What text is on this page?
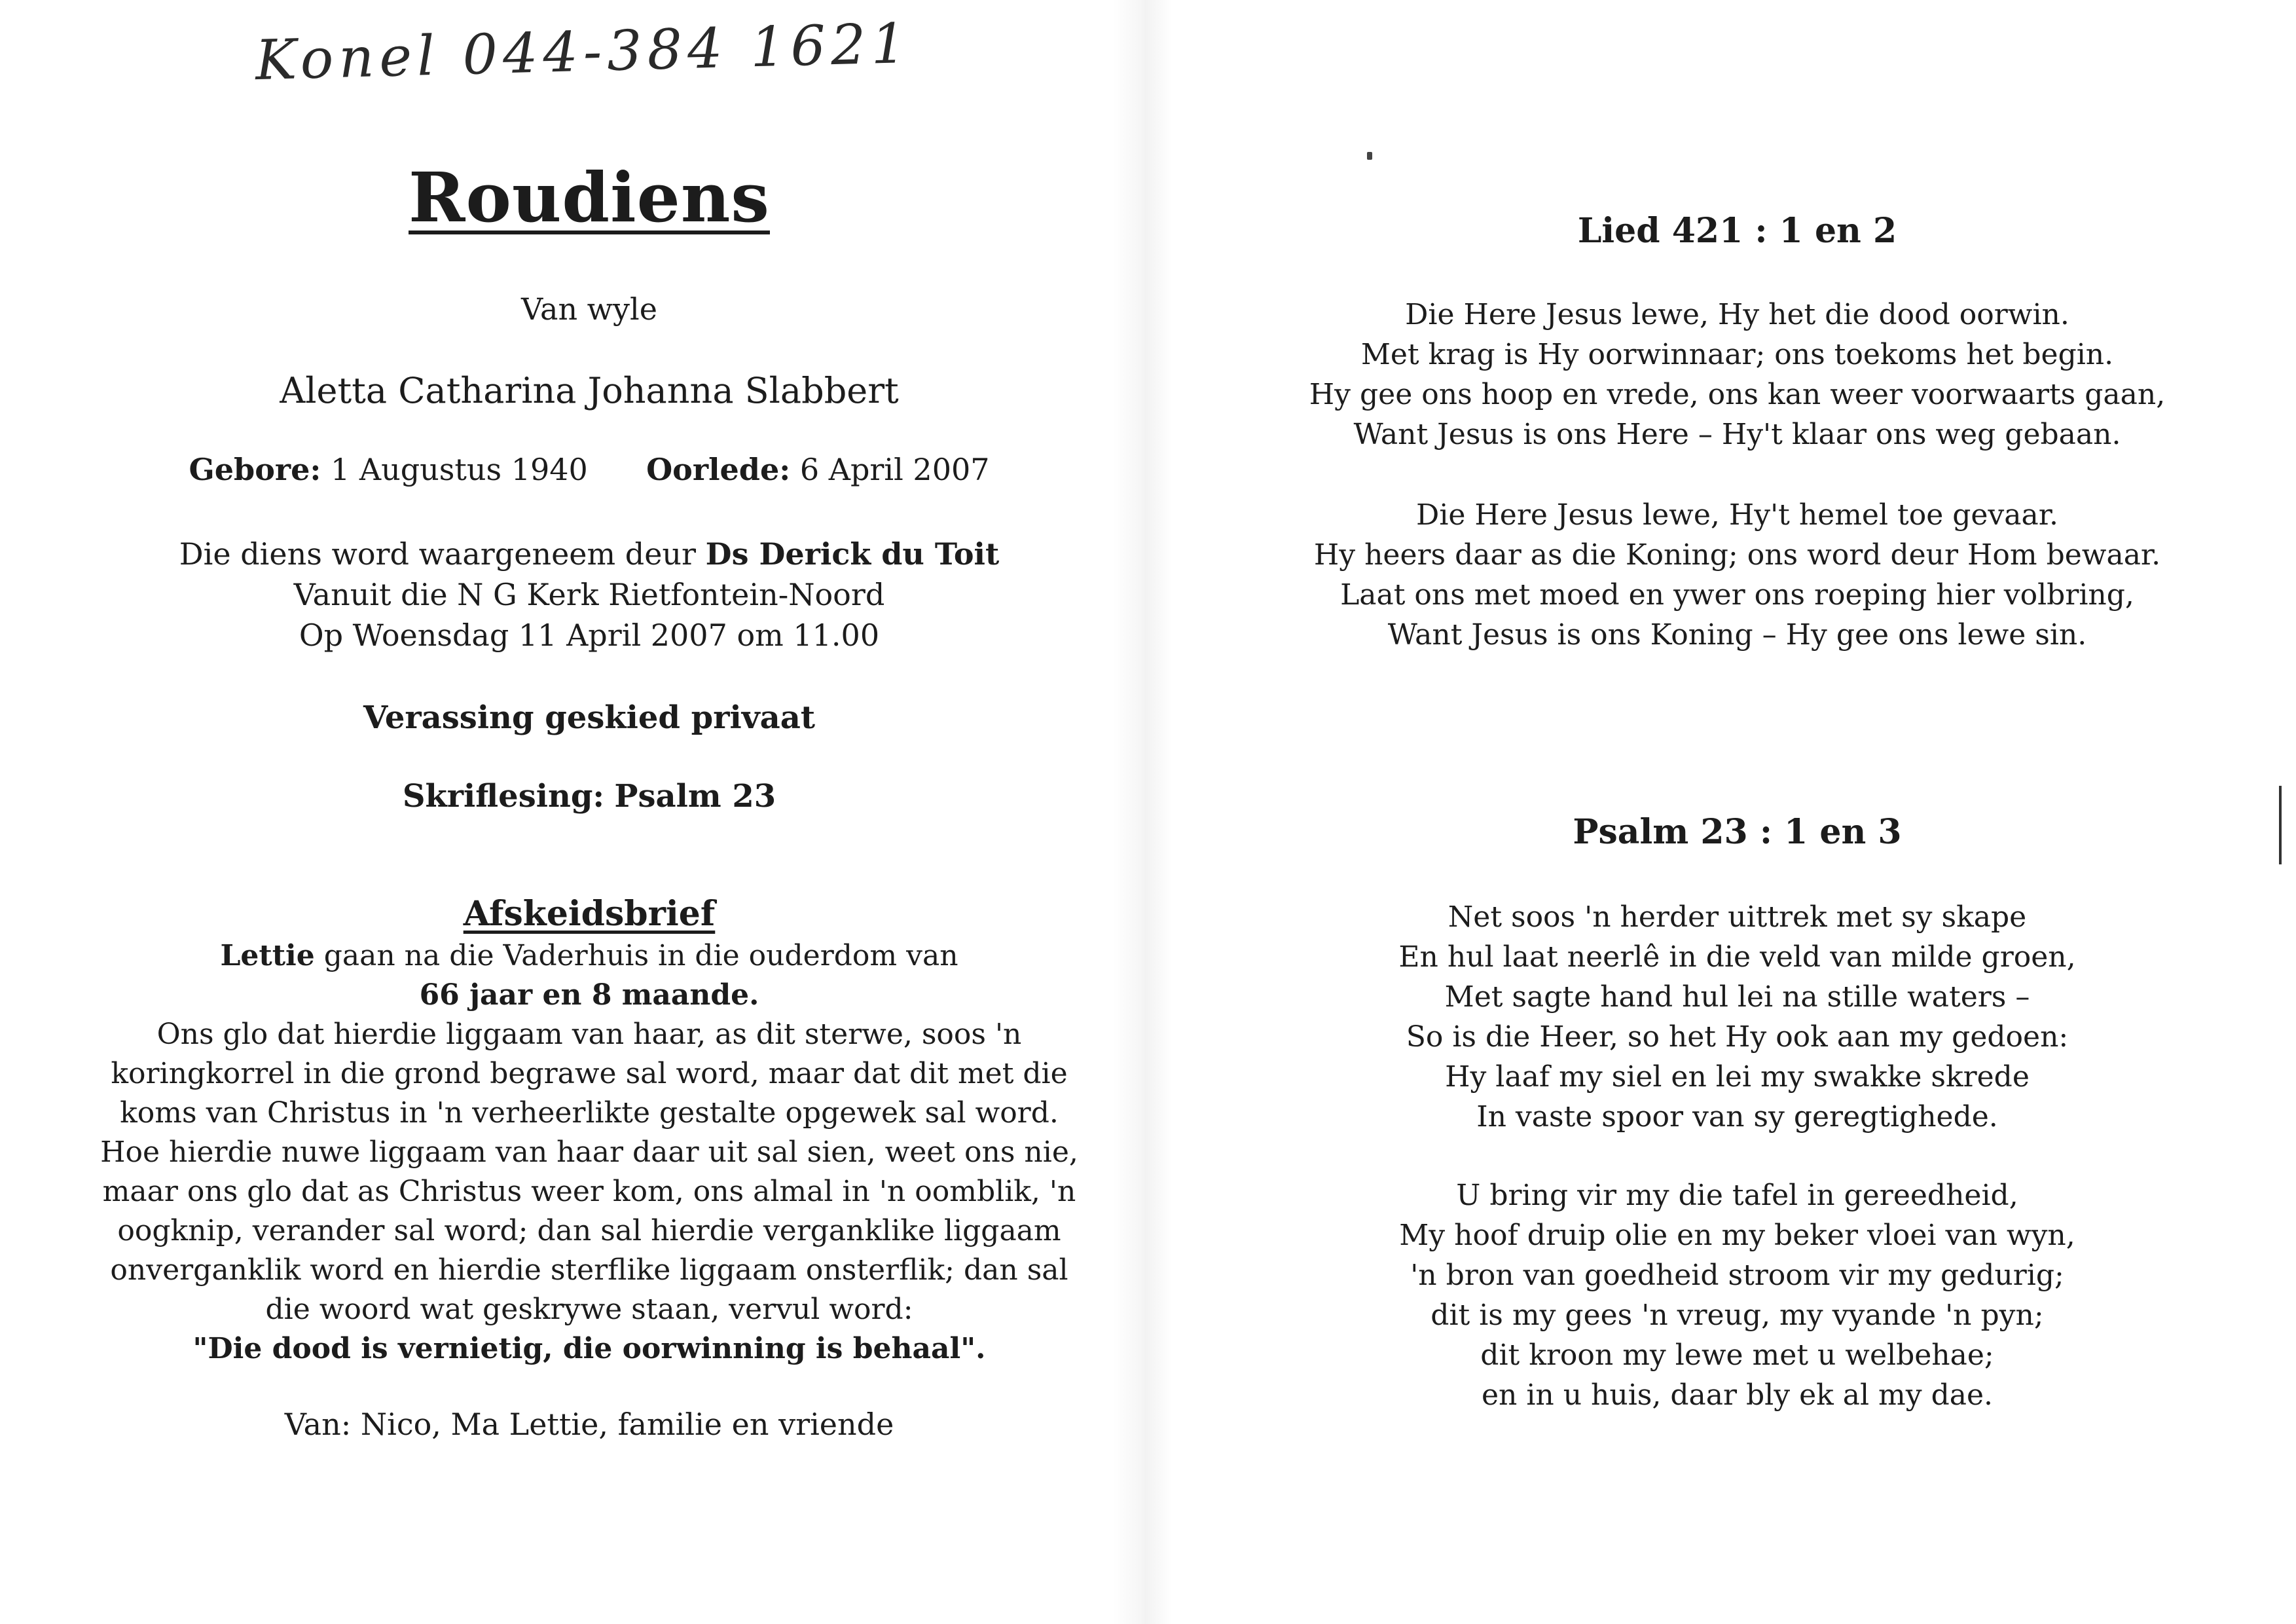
Konel 044-384 1621
Roudiens
Van wyle
Aletta Catharina Johanna Slabbert
Gebore: 1 Augustus 1940 Oorlede: 6 April 2007
Die diens word waargeneem deur Ds Derick du Toit
Vanuit die N G Kerk Rietfontein-Noord
Op Woensdag 11 April 2007 om 11.00
Verassing geskied privaat
Skriflesing: Psalm 23
Afskeidsbrief
Lettie gaan na die Vaderhuis in die ouderdom van
66 jaar en 8 maande.
Ons glo dat hierdie liggaam van haar, as dit sterwe, soos 'n
koringkorrel in die grond begrawe sal word, maar dat dit met die
koms van Christus in 'n verheerlikte gestalte opgewek sal word.
Hoe hierdie nuwe liggaam van haar daar uit sal sien, weet ons nie,
maar ons glo dat as Christus weer kom, ons almal in 'n oomblik, 'n
oogknip, verander sal word; dan sal hierdie verganklike liggaam
onverganklik word en hierdie sterflike liggaam onsterflik; dan sal
die woord wat geskrywe staan, vervul word:
"Die dood is vernietig, die oorwinning is behaal".
Van: Nico, Ma Lettie, familie en vriende
Lied 421 : 1 en 2
Die Here Jesus lewe, Hy het die dood oorwin.
Met krag is Hy oorwinnaar; ons toekoms het begin.
Hy gee ons hoop en vrede, ons kan weer voorwaarts gaan,
Want Jesus is ons Here – Hy't klaar ons weg gebaan.
Die Here Jesus lewe, Hy't hemel toe gevaar.
Hy heers daar as die Koning; ons word deur Hom bewaar.
Laat ons met moed en ywer ons roeping hier volbring,
Want Jesus is ons Koning – Hy gee ons lewe sin.
Psalm 23 : 1 en 3
Net soos 'n herder uittrek met sy skape
En hul laat neerlê in die veld van milde groen,
Met sagte hand hul lei na stille waters –
So is die Heer, so het Hy ook aan my gedoen:
Hy laaf my siel en lei my swakke skrede
In vaste spoor van sy geregtighede.
U bring vir my die tafel in gereedheid,
My hoof druip olie en my beker vloei van wyn,
'n bron van goedheid stroom vir my gedurig;
dit is my gees 'n vreug, my vyande 'n pyn;
dit kroon my lewe met u welbehae;
en in u huis, daar bly ek al my dae.
